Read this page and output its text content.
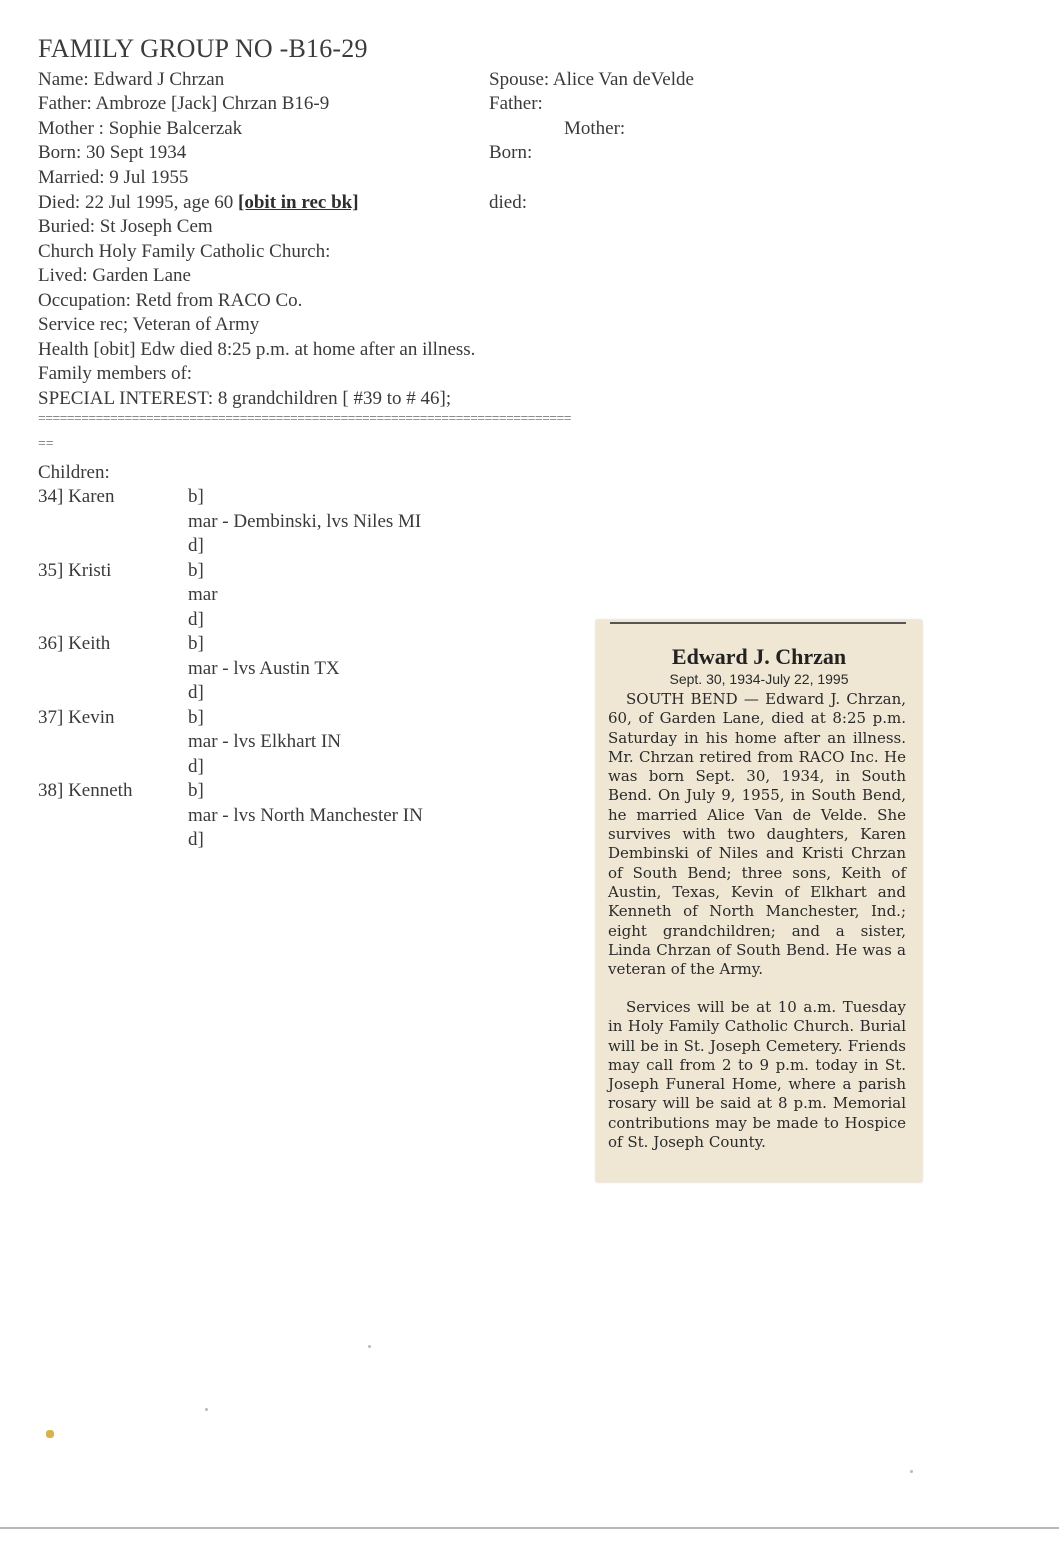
FAMILY GROUP NO -B16-29
Name: Edward J Chrzan
Father: Ambroze [Jack] Chrzan B16-9
Mother : Sophie Balcerzak
Born: 30 Sept 1934
Married: 9 Jul 1955
Died: 22 Jul 1995, age 60 [obit in rec bk]
Buried: St Joseph Cem
Church Holy Family Catholic Church:
Lived: Garden Lane
Occupation: Retd from RACO Co.
Service rec; Veteran of Army
Health [obit] Edw died 8:25 p.m. at home after an illness.
Family members of:
SPECIAL INTEREST: 8 grandchildren [ #39 to # 46];
Spouse: Alice Van deVelde
Father:
Mother:
Born:
died:
==========================================================================
==
Children:
34] Karen	b]
mar - Dembinski, lvs Niles MI
d]
35] Kristi	b]
mar
d]
36] Keith	b]
mar - lvs Austin TX
d]
37] Kevin	b]
mar - lvs Elkhart IN
d]
38] Kenneth	b]
mar - lvs North Manchester IN
d]
Edward J. Chrzan
Sept. 30, 1934-July 22, 1995

SOUTH BEND — Edward J. Chrzan, 60, of Garden Lane, died at 8:25 p.m. Saturday in his home after an illness. Mr. Chrzan retired from RACO Inc. He was born Sept. 30, 1934, in South Bend. On July 9, 1955, in South Bend, he married Alice Van de Velde. She survives with two daughters, Karen Dembinski of Niles and Kristi Chrzan of South Bend; three sons, Keith of Austin, Texas, Kevin of Elkhart and Kenneth of North Manchester, Ind.; eight grandchildren; and a sister, Linda Chrzan of South Bend. He was a veteran of the Army.

Services will be at 10 a.m. Tuesday in Holy Family Catholic Church. Burial will be in St. Joseph Cemetery. Friends may call from 2 to 9 p.m. today in St. Joseph Funeral Home, where a parish rosary will be said at 8 p.m. Memorial contributions may be made to Hospice of St. Joseph County.
